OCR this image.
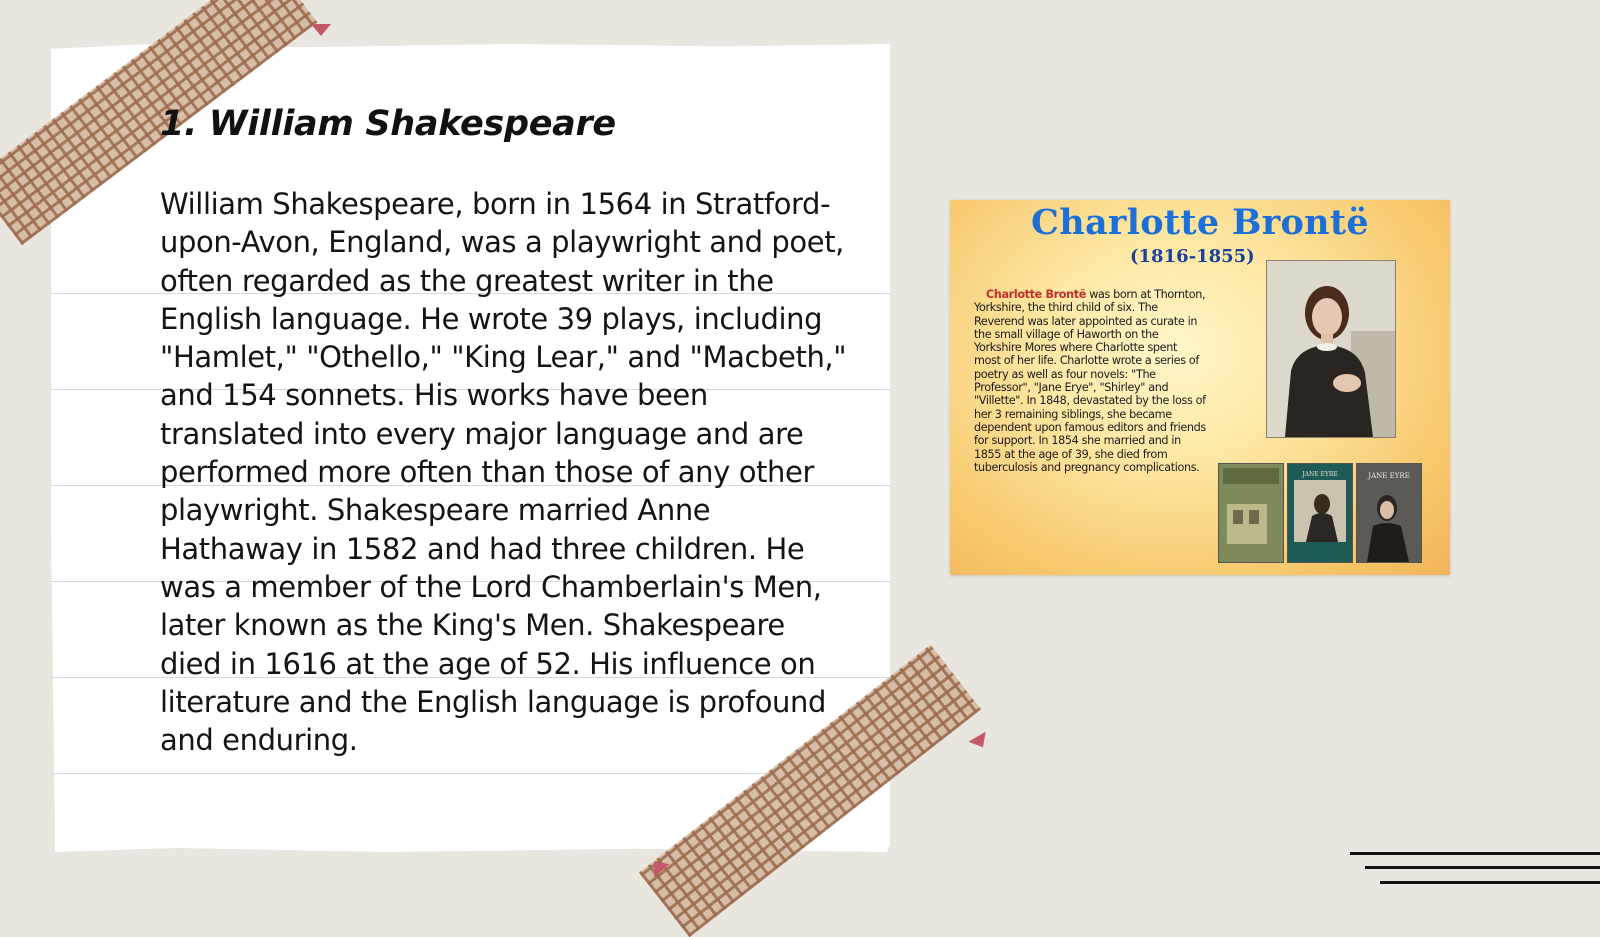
1. William Shakespeare

William Shakespeare, born in 1564 in Stratford-upon-Avon, England, was a playwright and poet, often regarded as the greatest writer in the English language. He wrote 39 plays, including "Hamlet," "Othello," "King Lear," and "Macbeth," and 154 sonnets. His works have been translated into every major language and are performed more often than those of any other playwright. Shakespeare married Anne Hathaway in 1582 and had three children. He was a member of the Lord Chamberlain's Men, later known as the King's Men. Shakespeare died in 1616 at the age of 52. His influence on literature and the English language is profound and enduring.

Charlotte Brontë
(1816-1855)

Charlotte Brontë was born at Thornton, Yorkshire, the third child of six. The Reverend was later appointed as curate in the small village of Haworth on the Yorkshire Mores where Charlotte spent most of her life. Charlotte wrote a series of poetry as well as four novels: "The Professor", "Jane Erye", "Shirley" and "Villette". In 1848, devastated by the loss of her 3 remaining siblings, she became dependent upon famous editors and friends for support. In 1854 she married and in 1855 at the age of 39, she died from tuberculosis and pregnancy complications.

JANE EYRE	JANE EYRE
